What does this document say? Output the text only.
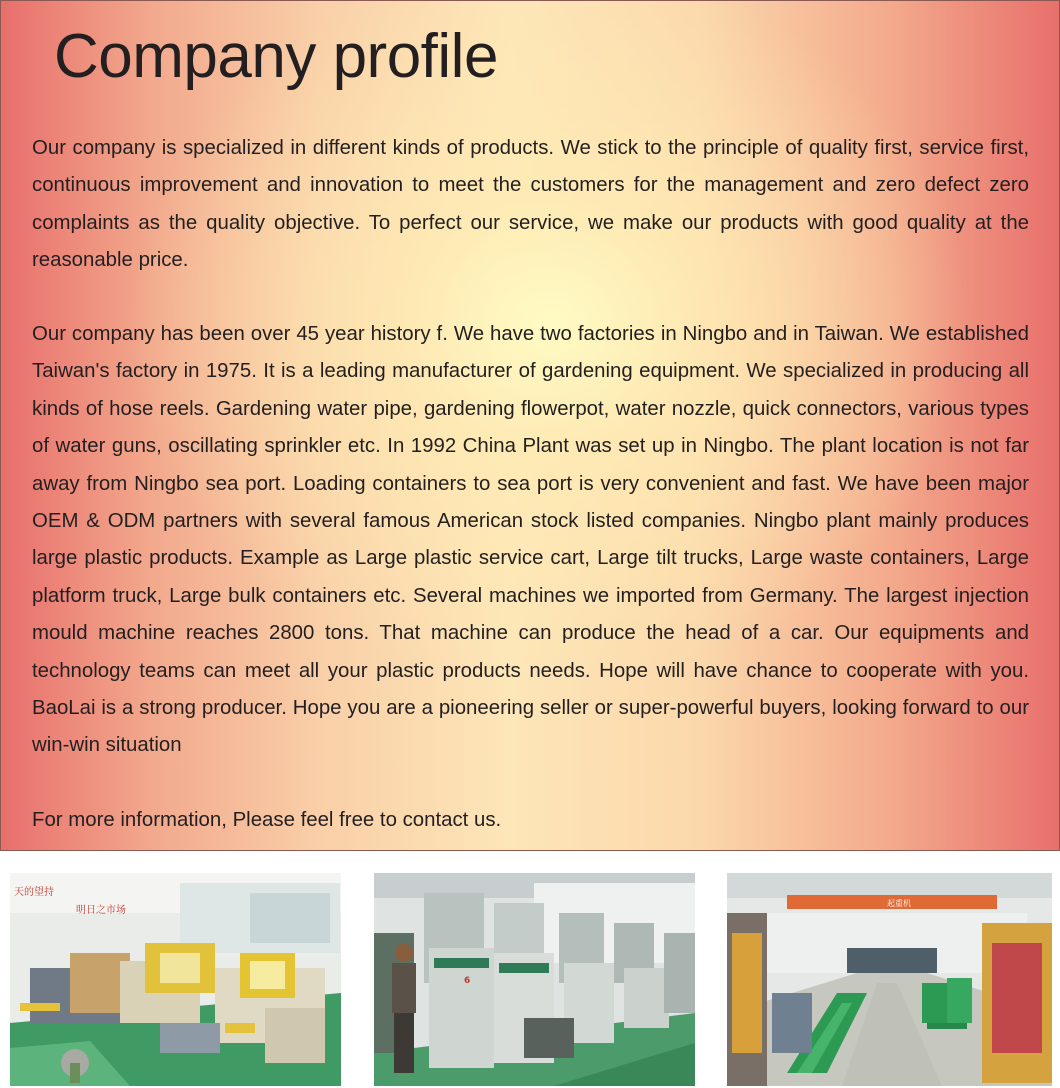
Company profile

Our company is specialized in different kinds of products. We stick to the principle of quality first, service first, continuous improvement and innovation to meet the customers for the management and zero defect zero complaints as the quality objective. To perfect our service, we make our products with good quality at the reasonable price.

Our company has been over 45 year history f. We have two factories in Ningbo and in Taiwan. We established Taiwan's factory in 1975. It is a leading manufacturer of gardening equipment. We specialized in producing all kinds of hose reels. Gardening water pipe, gardening flowerpot, water nozzle, quick connectors, various types of water guns, oscillating sprinkler etc. In 1992 China Plant was set up in Ningbo. The plant location is not far away from Ningbo sea port. Loading containers to sea port is very convenient and fast. We have been major OEM & ODM partners with several famous American stock listed companies. Ningbo plant mainly produces large plastic products. Example as Large plastic service cart, Large tilt trucks, Large waste containers, Large platform truck, Large bulk containers etc. Several machines we imported from Germany. The largest injection mould machine reaches 2800 tons. That machine can produce the head of a car. Our equipments and technology teams can meet all your plastic products needs. Hope will have chance to cooperate with you. BaoLai is a strong producer. Hope you are a pioneering seller or super-powerful buyers, looking forward to our win-win situation

For more information, Please feel free to contact us.

天的望持
明日之市场
6
起重机
